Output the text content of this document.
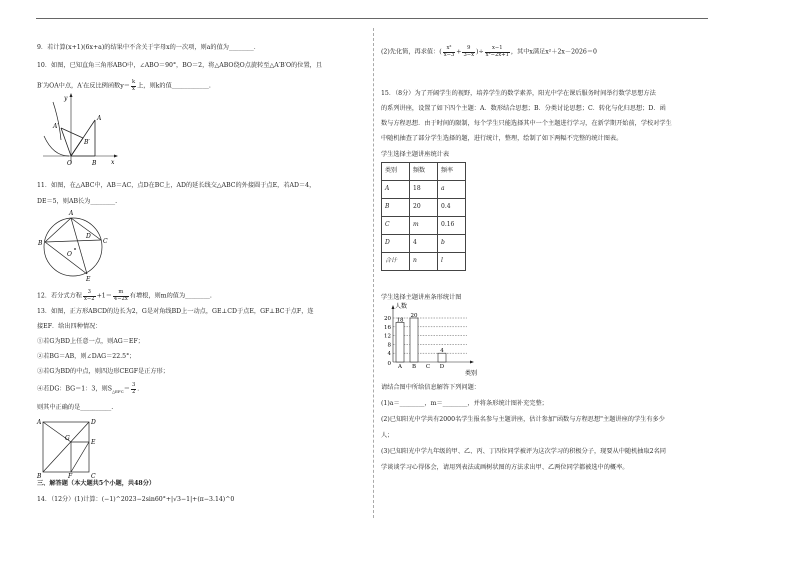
9．若计算(x+1)(6x+a)的结果中不含关于字母x的一次项，则a的值为________．
10．如图，已知直角三角形ABO中，∠ABO＝90°，BO＝2，将△ABO绕O点旋转至△A′B′O的位置，且
B′为OA中点，A′在反比例函数$y= \frac{k}{x}$ 上，则k的值____________.
y
x
A
A′
B′
O	B
11．如图，在△ABC中，AB＝AC，点D在BC上，AD的延长线交△ABC的外接圆于点E，若AD＝4，
DE＝5，则AB长为________.
A
B	C
D
E
O
12．若分式方程 $\frac{3}{x-2} +1= \frac{m}{4-2x}$ 有增根，则m的值为________.
13．如图，正方形ABCD的边长为2，G是对角线BD上一动点，GE⊥CD于点E，GF⊥BC于点F，连
接EF．给出四种情况：
①若G为BD上任意一点，则AG＝EF；
②若BG＝AB，则∠DAG＝22.5°；
③若G为BD的中点，则四边形CEGF是正方形；
④若DG：BG＝1：3，则$S_{\triangle EFC}= \frac{3}{2}$ ．
则其中正确的是__________.
A	D
G
E
B	F	C
三、解答题（本大题共5个小题，共48分）
14．（12分）(1)计算：(−1)^2023−2sin60°+|√3−1|+(π−3.14)^0
(2)先化简，再求值：( $\frac{\text{x²}}{x-3} + \frac{9}{3-x}$ )÷ $\frac{x-1}{\text{x²−2x+1}}$ ，其中x满足x²＋2x－2026＝0
15．（8分）为了开阔学生的视野，培养学生的数学素养，阳光中学在课后服务时间举行数学思想方法
的系列讲座，设置了如下四个主题：A．数形结合思想；B．分类讨论思想；C．转化与化归思想；D．函
数与方程思想．由于时间的限制，每个学生只能选择其中一个主题进行学习，在新学期开始前，学校对学生
中随机抽查了部分学生选择的题，进行统计，整理，绘制了如下两幅不完整的统计图表。
学生选择主题讲座统计表
类别	频数	频率
A	18	a
B	20	0.4
C	m	0.16
D	4	b
合计	n	l
学生选择主题讲座条形统计图
4
8
12
16
20
人数
类别
0
18
A
20
B C
4
D
请结合图中所给信息解答下列问题：
(1)a＝________，m＝________，并将条形统计图补充完整；
(2)已知阳光中学共有2000名学生报名参与主题讲座，估计参加"函数与方程思想"主题讲座的学生有多少
人；
(3)已知阳光中学九年级的甲、乙、丙、丁四位同学被评为这次学习的积极分子，现要从中随机抽取2名同
学谈谈学习心得体会，请用列表法或画树状图的方法求出甲、乙两位同学都被选中的概率。
